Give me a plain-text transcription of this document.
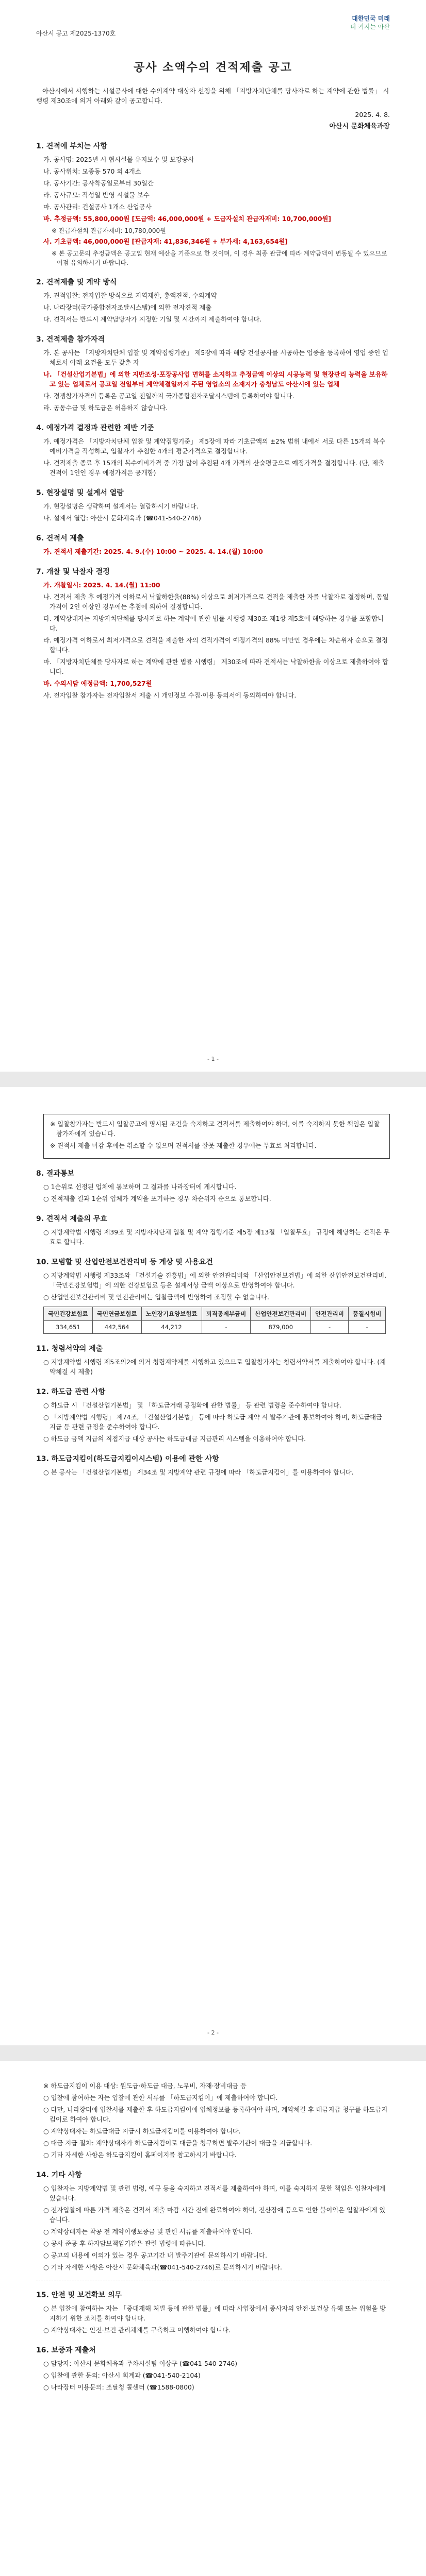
아산시 공고 제2025-1370호
대한민국 미래
더 커지는 아산
공사 소액수의 견적제출 공고

아산시에서 시행하는 시설공사에 대한 수의계약 대상자 선정을 위해 「지방자치단체를 당사자로 하는 계약에 관한 법률」 시행령 제30조에 의거 아래와 같이 공고합니다.

2025. 4. 8.
아산시 문화체육과장
1. 견적에 부치는 사항
가. 공사명: 2025년 시 협시설물 유지보수 및 보강공사
나. 공사위치: 모종동 570 외 4개소
다. 공사기간: 공사착공일로부터 30일간
라. 공사규모: 작성일 반영 시설물 보수
마. 공사관리: 건설공사 1개소 산업공사
바. 추정금액: 55,800,000원 [도급액: 46,000,000원 + 도급자설치 관급자재비: 10,700,000원]
※ 관급자설치 관급자재비: 10,780,000원
사. 기초금액: 46,000,000원 [관급자재: 41,836,346원 + 부가세: 4,163,654원]
※ 본 공고문의 추정금액은 공고일 현재 예산을 기준으로 한 것이며, 이 경우 최종 관급에 따라 계약금액이 변동될 수 있으므로 이점 유의하시기 바랍니다.
2. 견적제출 및 계약 방식
가. 견적입찰: 전자입찰 방식으로 지역제한, 총액견적, 수의계약
나. 나라장터(국가종합전자조달시스템)에 의한 전자견적 제출
다. 견적서는 반드시 계약담당자가 지정한 기일 및 시간까지 제출하여야 합니다.
3. 견적제출 참가자격
가. 본 공사는 「지방자치단체 입찰 및 계약집행기준」 제5장에 따라 해당 건설공사를 시공하는 업종을 등록하여 영업 중인 업체로서 아래 요건을 모두 갖춘 자
나. 「건설산업기본법」에 의한 지반조성·포장공사업 면허를 소지하고 추정금액 이상의 시공능력 및 현장관리 능력을 보유하고 있는 업체로서 공고일 전일부터 계약체결일까지 주된 영업소의 소재지가 충청남도 아산시에 있는 업체
다. 경쟁참가자격의 등록은 공고일 전일까지 국가종합전자조달시스템에 등록하여야 합니다.
라. 공동수급 및 하도급은 허용하지 않습니다.
4. 예정가격 결정과 관련한 제반 기준
가. 예정가격은 「지방자치단체 입찰 및 계약집행기준」 제5장에 따라 기초금액의 ±2% 범위 내에서 서로 다른 15개의 복수예비가격을 작성하고, 입찰자가 추첨한 4개의 평균가격으로 결정합니다.
나. 견적제출 종료 후 15개의 복수예비가격 중 가장 많이 추첨된 4개 가격의 산술평균으로 예정가격을 결정합니다. (단, 제출 견적이 1인인 경우 예정가격은 공개함)
5. 현장설명 및 설계서 열람
가. 현장설명은 생략하며 설계서는 열람하시기 바랍니다.
나. 설계서 열람: 아산시 문화체육과 (☎041-540-2746)
6. 견적서 제출
가. 견적서 제출기간: 2025. 4. 9.(수) 10:00 ~ 2025. 4. 14.(월) 10:00
7. 개찰 및 낙찰자 결정
가. 개찰일시: 2025. 4. 14.(월) 11:00
나. 견적서 제출 후 예정가격 이하로서 낙찰하한율(88%) 이상으로 최저가격으로 견적을 제출한 자를 낙찰자로 결정하며, 동일 가격이 2인 이상인 경우에는 추첨에 의하여 결정합니다.
다. 계약상대자는 지방자치단체를 당사자로 하는 계약에 관한 법률 시행령 제30조 제1항 제5호에 해당하는 경우를 포함합니다.
라. 예정가격 이하로서 최저가격으로 견적을 제출한 자의 견적가격이 예정가격의 88% 미만인 경우에는 차순위자 순으로 결정합니다.
마. 「지방자치단체를 당사자로 하는 계약에 관한 법률 시행령」 제30조에 따라 견적서는 낙찰하한율 이상으로 제출하여야 합니다.
바. 수의시담 예정금액: 1,700,527원
사. 전자입찰 참가자는 전자입찰서 제출 시 개인정보 수집·이용 동의서에 동의하여야 합니다.
- 1 -
※ 입찰참가자는 반드시 입찰공고에 명시된 조건을 숙지하고 견적서를 제출하여야 하며, 이를 숙지하지 못한 책임은 입찰참가자에게 있습니다.
※ 견적서 제출 마감 후에는 취소할 수 없으며 견적서를 잘못 제출한 경우에는 무효로 처리합니다.
8. 결과통보
○ 1순위로 선정된 업체에 통보하며 그 결과를 나라장터에 게시합니다.
○ 견적제출 결과 1순위 업체가 계약을 포기하는 경우 차순위자 순으로 통보합니다.
9. 견적서 제출의 무효
○ 지방계약법 시행령 제39조 및 지방자치단체 입찰 및 계약 집행기준 제5장 제13절 「입찰무효」 규정에 해당하는 견적은 무효로 합니다.
10. 모범할 및 산업안전보건관리비 등 계상 및 사용요건
○ 지방계약법 시행령 제33조와 「건설기술 진흥법」에 의한 안전관리비와 「산업안전보건법」에 의한 산업안전보건관리비, 「국민건강보험법」에 의한 건강보험료 등은 설계서상 금액 이상으로 반영하여야 합니다.
○ 산업안전보건관리비 및 안전관리비는 입찰금액에 반영하여 조정할 수 없습니다.
국민건강보험료	국민연금보험료	노인장기요양보험료	퇴직공제부금비	산업안전보건관리비	안전관리비	품질시험비
334,651	442,564	44,212	-	879,000	-	-
11. 청렴서약의 제출
○ 지방계약법 시행령 제5조의2에 의거 청렴계약제를 시행하고 있으므로 입찰참가자는 청렴서약서를 제출하여야 합니다. (계약체결 시 제출)
12. 하도급 관련 사항
○ 하도급 시 「건설산업기본법」 및 「하도급거래 공정화에 관한 법률」 등 관련 법령을 준수하여야 합니다.
○ 「지방계약법 시행령」 제74조, 「건설산업기본법」 등에 따라 하도급 계약 시 발주기관에 통보하여야 하며, 하도급대금 지급 등 관련 규정을 준수하여야 합니다.
○ 하도급 금액 지급의 직접지급 대상 공사는 하도급대금 지급관리 시스템을 이용하여야 합니다.
13. 하도급지킴이(하도급지킴이시스템) 이용에 관한 사항
○ 본 공사는 「건설산업기본법」 제34조 및 지방계약 관련 규정에 따라 「하도급지킴이」를 이용하여야 합니다.
- 2 -
※ 하도급지킴이 이용 대상: 원도급·하도급 대금, 노무비, 자재·장비대금 등
○ 입찰에 참여하는 자는 입찰에 관한 서류를 「하도급지킴이」에 제출하여야 합니다.
○ 다만, 나라장터에 입찰서를 제출한 후 하도급지킴이에 업체정보를 등록하여야 하며, 계약체결 후 대금지급 청구를 하도급지킴이로 하여야 합니다.
○ 계약상대자는 하도급대금 지급시 하도급지킴이를 이용하여야 합니다.
○ 대금 지급 절차: 계약상대자가 하도급지킴이로 대금을 청구하면 발주기관이 대금을 지급합니다.
○ 기타 자세한 사항은 하도급지킴이 홈페이지를 참고하시기 바랍니다.
14. 기타 사항
○ 입찰자는 지방계약법 및 관련 법령, 예규 등을 숙지하고 견적서를 제출하여야 하며, 이를 숙지하지 못한 책임은 입찰자에게 있습니다.
○ 전자입찰에 따른 가격 제출은 견적서 제출 마감 시간 전에 완료하여야 하며, 전산장애 등으로 인한 불이익은 입찰자에게 있습니다.
○ 계약상대자는 착공 전 계약이행보증금 및 관련 서류를 제출하여야 합니다.
○ 공사 준공 후 하자담보책임기간은 관련 법령에 따릅니다.
○ 공고의 내용에 이의가 있는 경우 공고기간 내 발주기관에 문의하시기 바랍니다.
○ 기타 자세한 사항은 아산시 문화체육과(☎041-540-2746)로 문의하시기 바랍니다.
15. 안전 및 보건확보 의무
○ 본 입찰에 참여하는 자는 「중대재해 처벌 등에 관한 법률」에 따라 사업장에서 종사자의 안전·보건상 유해 또는 위험을 방지하기 위한 조치를 하여야 합니다.
○ 계약상대자는 안전·보건 관리체계를 구축하고 이행하여야 합니다.
16. 보증과 제출처
○ 담당자: 아산시 문화체육과 주차시설팀 이상구 (☎041-540-2746)
○ 입찰에 관한 문의: 아산시 회계과 (☎041-540-2104)
○ 나라장터 이용문의: 조달청 콜센터 (☎1588-0800)
